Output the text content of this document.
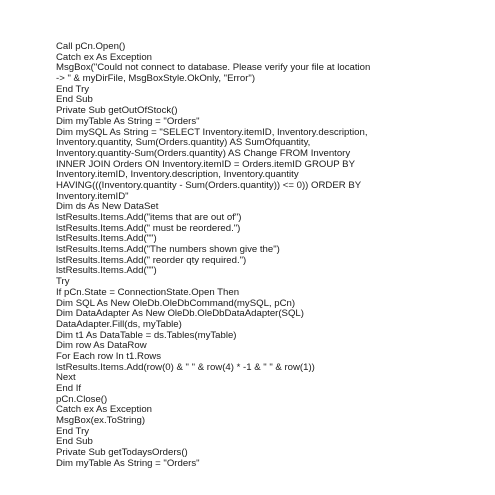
Call pCn.Open()
Catch ex As Exception
MsgBox("Could not connect to database. Please verify your file at location
-> " & myDirFile, MsgBoxStyle.OkOnly, "Error")
End Try
End Sub
Private Sub getOutOfStock()
Dim myTable As String = "Orders"
Dim mySQL As String = "SELECT Inventory.itemID, Inventory.description,
Inventory.quantity, Sum(Orders.quantity) AS SumOfquantity,
Inventory.quantity-Sum(Orders.quantity) AS Change FROM Inventory
INNER JOIN Orders ON Inventory.itemID = Orders.itemID GROUP BY
Inventory.itemID, Inventory.description, Inventory.quantity
HAVING(((Inventory.quantity - Sum(Orders.quantity)) <= 0)) ORDER BY
Inventory.itemID"
Dim ds As New DataSet
lstResults.Items.Add("items that are out of")
lstResults.Items.Add(" must be reordered.")
lstResults.Items.Add("")
lstResults.Items.Add("The numbers shown give the")
lstResults.Items.Add(" reorder qty required.")
lstResults.Items.Add("")
Try
If pCn.State = ConnectionState.Open Then
Dim SQL As New OleDb.OleDbCommand(mySQL, pCn)
Dim DataAdapter As New OleDb.OleDbDataAdapter(SQL)
DataAdapter.Fill(ds, myTable)
Dim t1 As DataTable = ds.Tables(myTable)
Dim row As DataRow
For Each row In t1.Rows
lstResults.Items.Add(row(0) & " " & row(4) * -1 & " " & row(1))
Next
End If
pCn.Close()
Catch ex As Exception
MsgBox(ex.ToString)
End Try
End Sub
Private Sub getTodaysOrders()
Dim myTable As String = "Orders"
